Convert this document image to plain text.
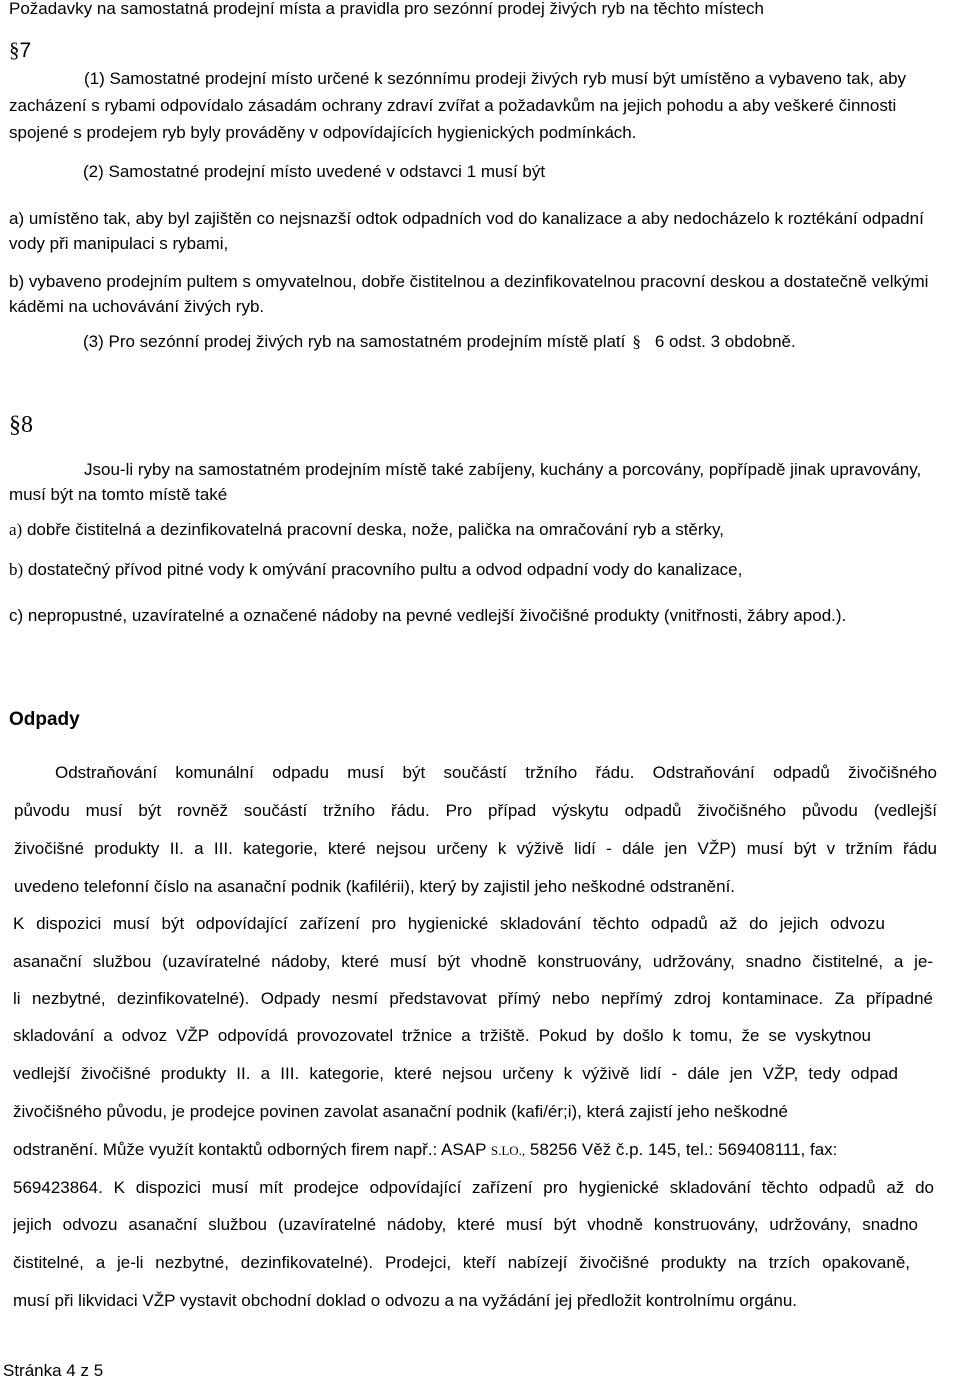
Požadavky na samostatná prodejní místa a pravidla pro sezónní prodej živých ryb na těchto místech
§7
(1) Samostatné prodejní místo určené k sezónnímu prodeji živých ryb musí být umístěno a vybaveno tak, aby zacházení s rybami odpovídalo zásadám ochrany zdraví zvířat a požadavkům na jejich pohodu a aby veškeré činnosti spojené s prodejem ryb byly prováděny v odpovídajících hygienických podmínkách.
(2) Samostatné prodejní místo uvedené v odstavci 1 musí být
a) umístěno tak, aby byl zajištěn co nejsnazší odtok odpadních vod do kanalizace a aby nedocházelo k roztékání odpadní vody při manipulaci s rybami,
b) vybaveno prodejním pultem s omyvatelnou, dobře čistitelnou a dezinfikovatelnou pracovní deskou a dostatečně velkými káděmi na uchovávání živých ryb.
(3) Pro sezónní prodej živých ryb na samostatném prodejním místě platí § 6 odst. 3 obdobně.
§8
Jsou-li ryby na samostatném prodejním místě také zabíjeny, kuchány a porcovány, popřípadě jinak upravovány, musí být na tomto místě také
a) dobře čistitelná a dezinfikovatelná pracovní deska, nože, palička na omračování ryb a stěrky,
b) dostatečný přívod pitné vody k omývání pracovního pultu a odvod odpadní vody do kanalizace,
c) nepropustné, uzavíratelné a označené nádoby na pevné vedlejší živočišné produkty (vnitřnosti, žábry apod.).
Odpady
Odstraňování komunální odpadu musí být součástí tržního řádu. Odstraňování odpadů živočišného
původu musí být rovněž součástí tržního řádu. Pro případ výskytu odpadů živočišného původu (vedlejší
živočišné produkty II. a III. kategorie, které nejsou určeny k výživě lidí - dále jen VŽP) musí být v tržním řádu
uvedeno telefonní číslo na asanační podnik (kafilérii), který by zajistil jeho neškodné odstranění.
K dispozici musí být odpovídající zařízení pro hygienické skladování těchto odpadů až do jejich odvozu
asanační službou (uzavíratelné nádoby, které musí být vhodně konstruovány, udržovány, snadno čistitelné, a je-
li nezbytné, dezinfikovatelné). Odpady nesmí představovat přímý nebo nepřímý zdroj kontaminace. Za případné
skladování a odvoz VŽP odpovídá provozovatel tržnice a tržiště. Pokud by došlo k tomu, že se vyskytnou
vedlejší živočišné produkty II. a III. kategorie, které nejsou určeny k výživě lidí - dále jen VŽP, tedy odpad
živočišného původu, je prodejce povinen zavolat asanační podnik (kafi/ér;i), která zajistí jeho neškodné
odstranění. Může využít kontaktů odborných firem např.: ASAP S.LO., 58256 Věž č.p. 145, tel.: 569408111, fax:
569423864. K dispozici musí mít prodejce odpovídající zařízení pro hygienické skladování těchto odpadů až do
jejich odvozu asanační službou (uzavíratelné nádoby, které musí být vhodně konstruovány, udržovány, snadno
čistitelné, a je-li nezbytné, dezinfikovatelné). Prodejci, kteří nabízejí živočišné produkty na trzích opakovaně,
musí při likvidaci VŽP vystavit obchodní doklad o odvozu a na vyžádání jej předložit kontrolnímu orgánu.
Stránka 4 z 5
